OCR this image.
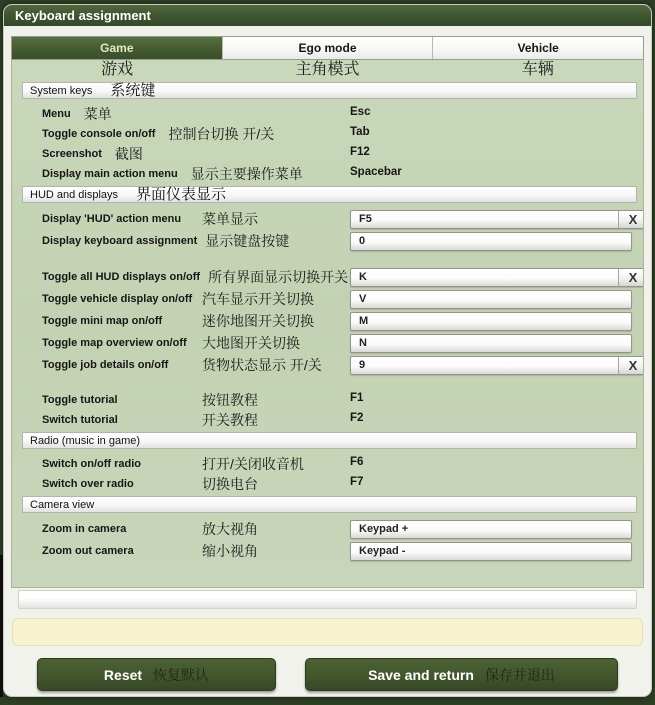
Keyboard assignment
Game	Ego mode	Vehicle
游戏	主角模式	车辆
System keys 系统键
Menu 菜单	Esc
Toggle console on/off 控制台切换 开/关	Tab
Screenshot 截图	F12
Display main action menu 显示主要操作菜单	Spacebar
HUD and displays 界面仪表显示
Display 'HUD' action menu	菜单显示	F5	X
Display keyboard assignment 显示键盘按键	0
Toggle all HUD displays on/off 所有界面显示切换开关 K	X
Toggle vehicle display on/off 汽车显示开关切换	V
Toggle mini map on/off	迷你地图开关切换	M
Toggle map overview on/off	大地图开关切换	N
Toggle job details on/off	货物状态显示 开/关	9	X
Toggle tutorial	按钮教程	F1
Switch tutorial	开关教程	F2
Radio (music in game)
Switch on/off radio	打开/关闭收音机	F6
Switch over radio	切换电台	F7
Camera view
Zoom in camera	放大视角	Keypad +
Zoom out camera	缩小视角	Keypad -
Reset 恢复默认	Save and return 保存并退出
